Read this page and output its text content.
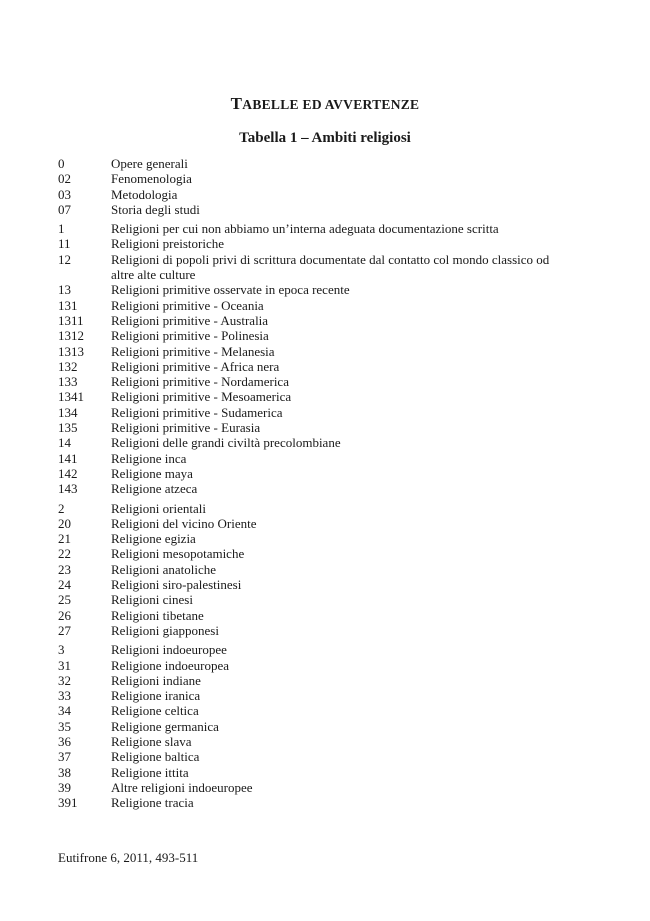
TABELLE ED AVVERTENZE
Tabella 1 – Ambiti religiosi
0	Opere generali
02	Fenomenologia
03	Metodologia
07	Storia degli studi
1	Religioni per cui non abbiamo un’interna adeguata documentazione scritta
11	Religioni preistoriche
12	Religioni di popoli privi di scrittura documentate dal contatto col mondo classico od altre alte culture
13	Religioni primitive osservate in epoca recente
131	Religioni primitive - Oceania
1311	Religioni primitive - Australia
1312	Religioni primitive - Polinesia
1313	Religioni primitive - Melanesia
132	Religioni primitive - Africa nera
133	Religioni primitive - Nordamerica
1341	Religioni primitive - Mesoamerica
134	Religioni primitive - Sudamerica
135	Religioni primitive - Eurasia
14	Religioni delle grandi civiltà precolombiane
141	Religione inca
142	Religione maya
143	Religione atzeca
2	Religioni orientali
20	Religioni del vicino Oriente
21	Religione egizia
22	Religioni mesopotamiche
23	Religioni anatoliche
24	Religioni siro-palestinesi
25	Religioni cinesi
26	Religioni tibetane
27	Religioni giapponesi
3	Religioni indoeuropee
31	Religione indoeuropea
32	Religioni indiane
33	Religione iranica
34	Religione celtica
35	Religione germanica
36	Religione slava
37	Religione baltica
38	Religione ittita
39	Altre religioni indoeuropee
391	Religione tracia

Eutifrone 6, 2011, 493-511
